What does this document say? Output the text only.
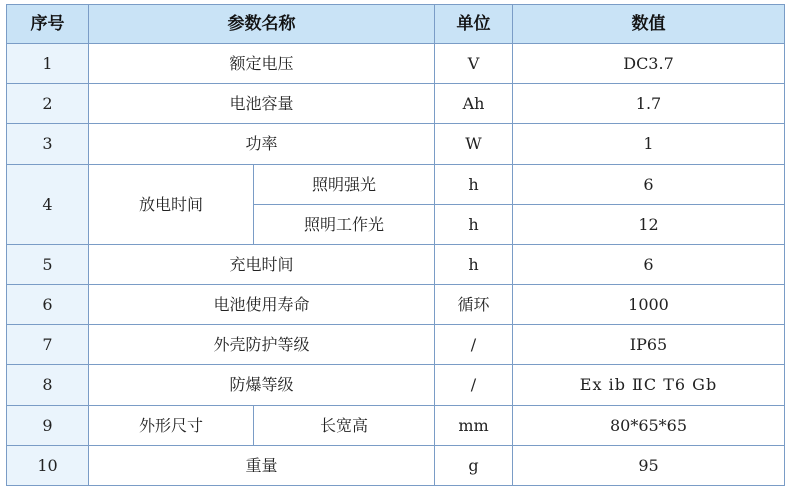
序号	参数名称		单位	数值
1	额定电压		V	DC3.7
2	电池容量		Ah	1.7
3	功率		W	1
4	放电时间	照明强光	h	6
		照明工作光	h	12
5	充电时间		h	6
6	电池使用寿命		循环	1000
7	外壳防护等级		/	IP65
8	防爆等级		/	Ex ib ⅡC T6 Gb
9	外形尺寸	长宽高	mm	80*65*65
10	重量		g	95
